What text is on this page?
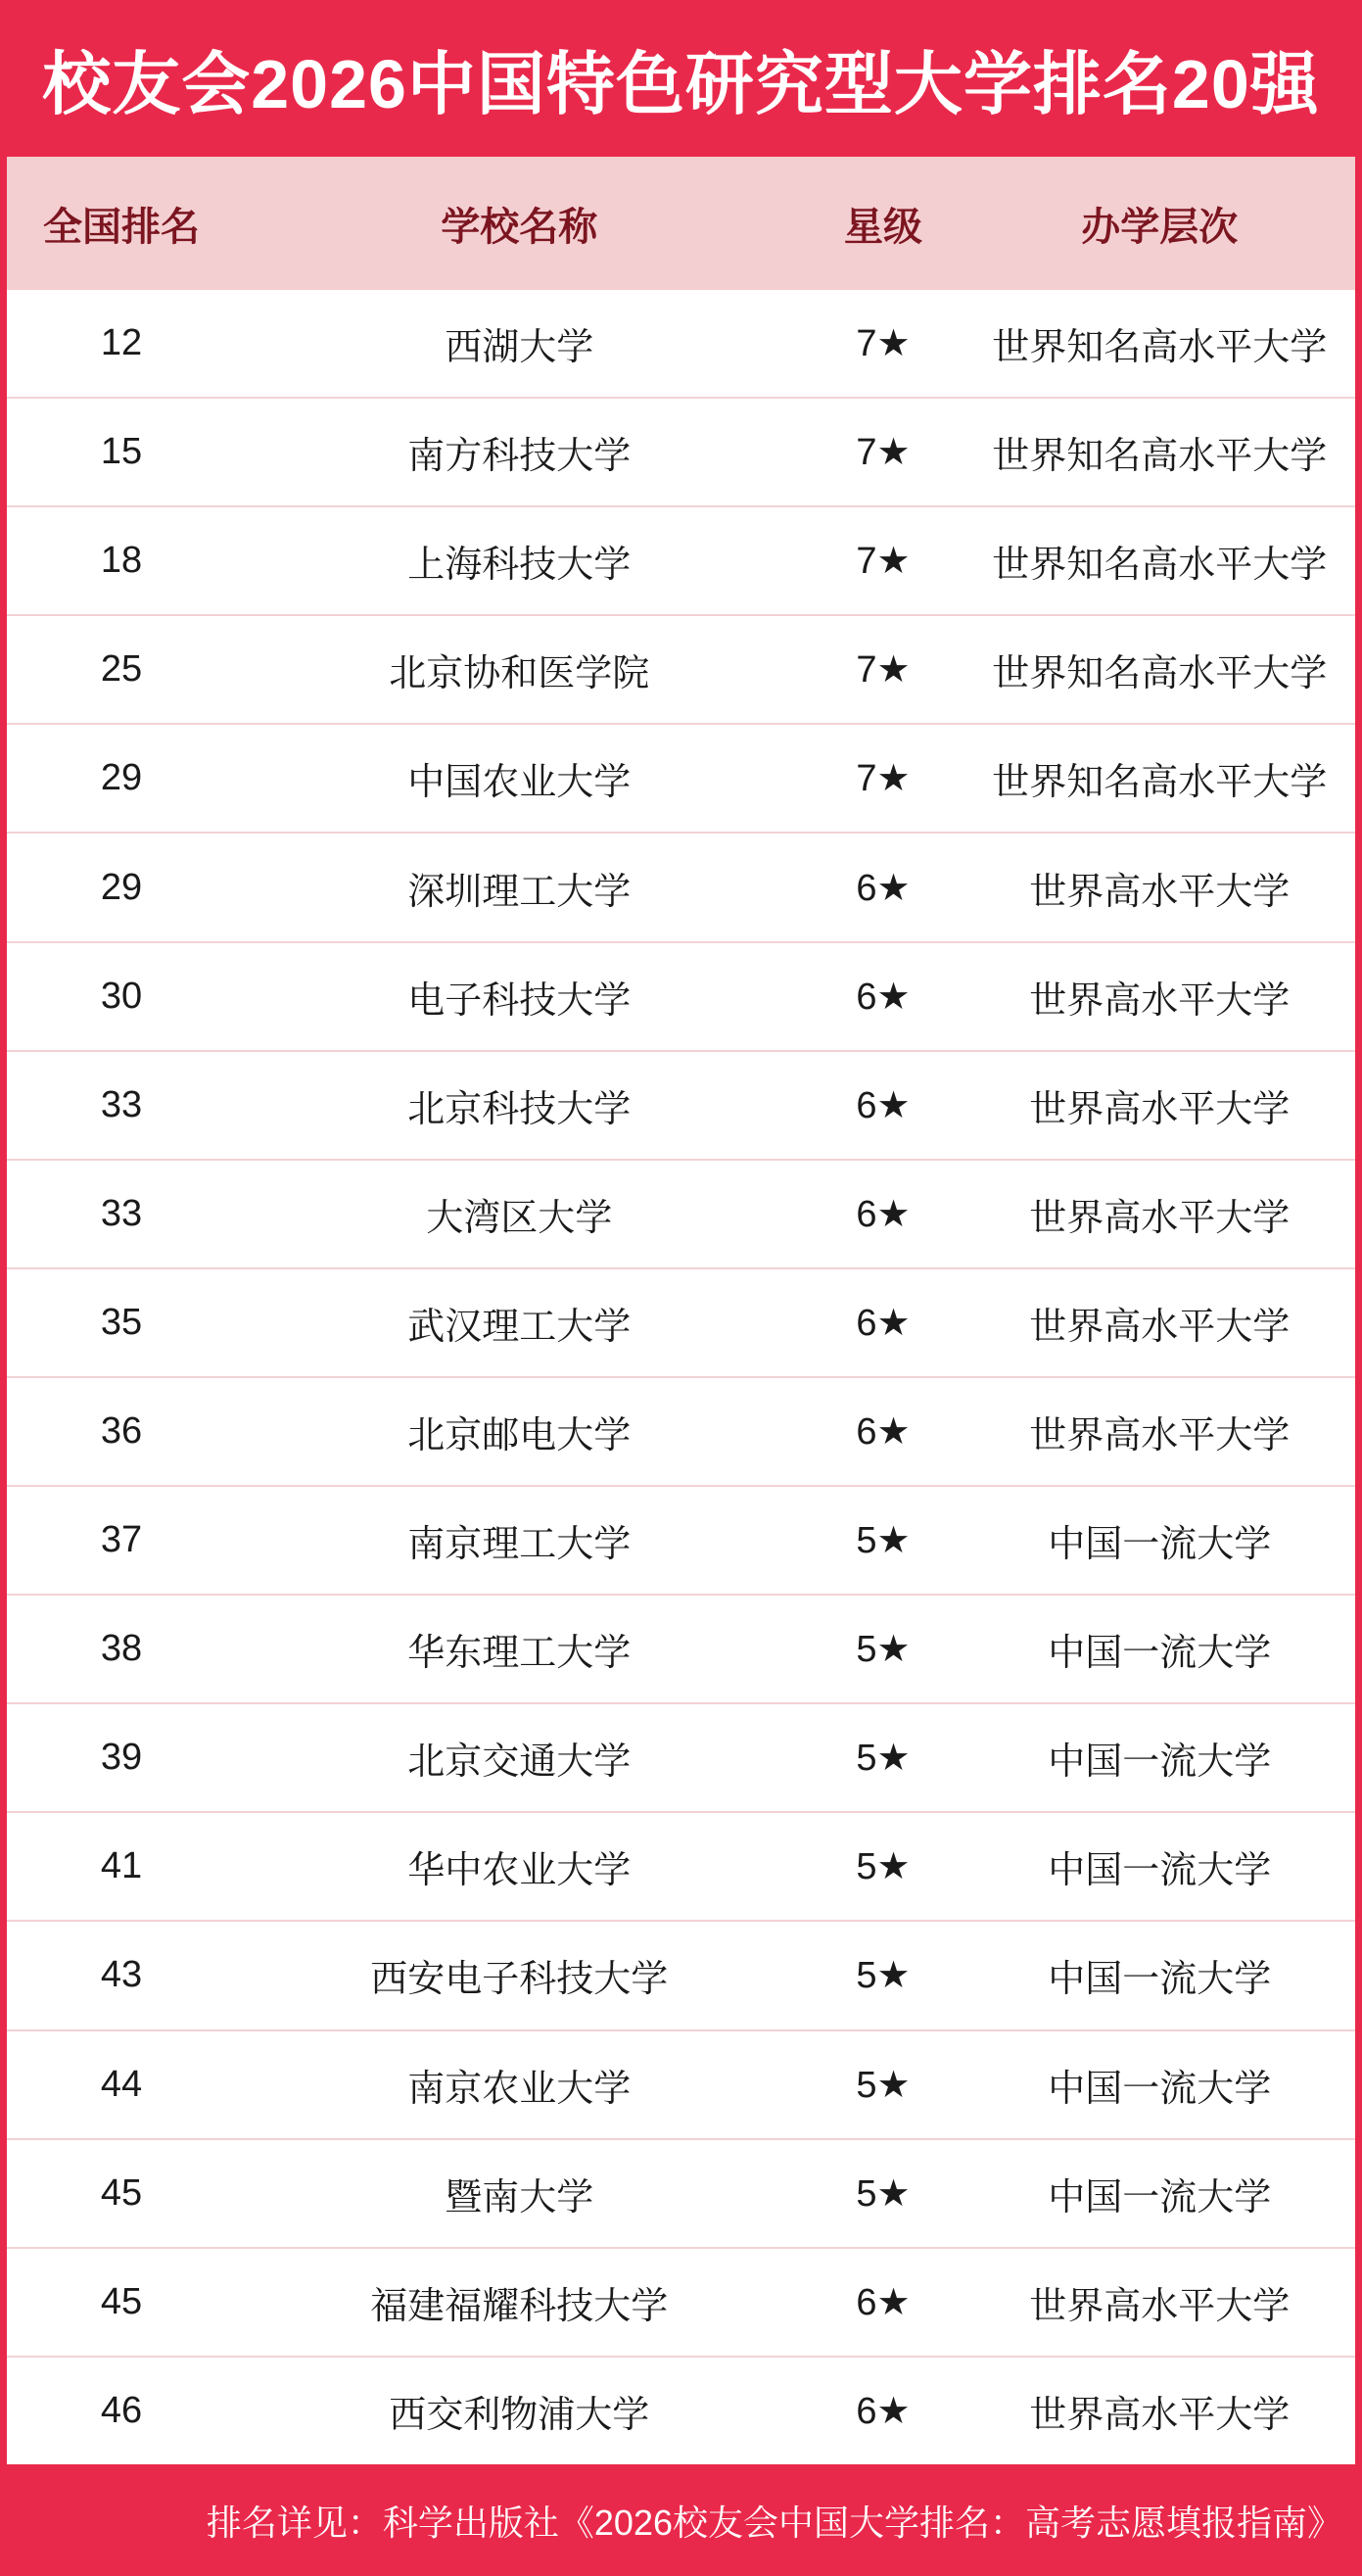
校友会2026中国特色研究型大学排名20强
全国排名	学校名称	星级	办学层次
12	西湖大学	7★	世界知名高水平大学
15	南方科技大学	7★	世界知名高水平大学
18	上海科技大学	7★	世界知名高水平大学
25	北京协和医学院	7★	世界知名高水平大学
29	中国农业大学	7★	世界知名高水平大学
29	深圳理工大学	6★	世界高水平大学
30	电子科技大学	6★	世界高水平大学
33	北京科技大学	6★	世界高水平大学
33	大湾区大学	6★	世界高水平大学
35	武汉理工大学	6★	世界高水平大学
36	北京邮电大学	6★	世界高水平大学
37	南京理工大学	5★	中国一流大学
38	华东理工大学	5★	中国一流大学
39	北京交通大学	5★	中国一流大学
41	华中农业大学	5★	中国一流大学
43	西安电子科技大学	5★	中国一流大学
44	南京农业大学	5★	中国一流大学
45	暨南大学	5★	中国一流大学
45	福建福耀科技大学	6★	世界高水平大学
46	西交利物浦大学	6★	世界高水平大学
排名详见：科学出版社《2026校友会中国大学排名：高考志愿填报指南》
